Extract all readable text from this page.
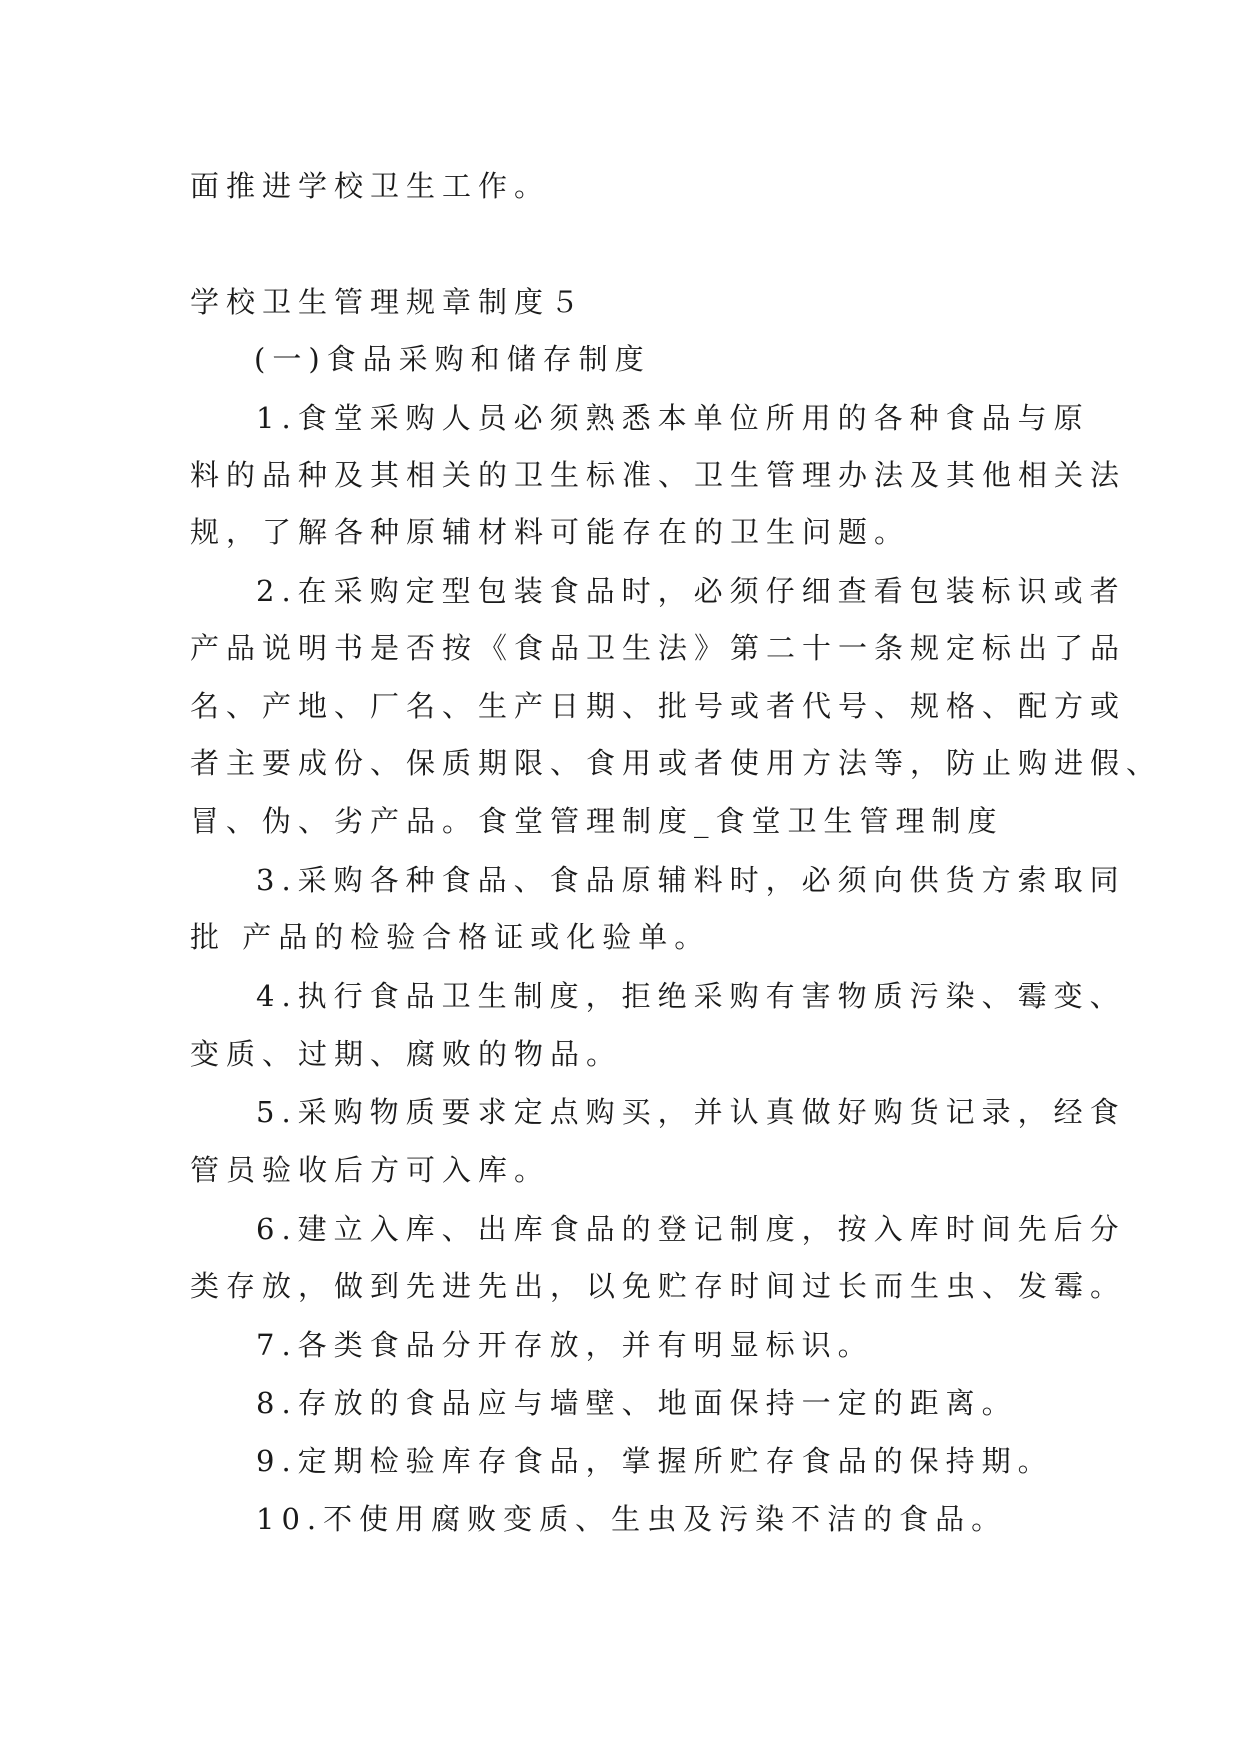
面推进学校卫生工作。
学校卫生管理规章制度５
(一)食品采购和储存制度
1.食堂采购人员必须熟悉本单位所用的各种食品与原
料的品种及其相关的卫生标准、卫生管理办法及其他相关法
规，了解各种原辅材料可能存在的卫生问题。
2.在采购定型包装食品时，必须仔细查看包装标识或者
产品说明书是否按《食品卫生法》第二十一条规定标出了品
名、产地、厂名、生产日期、批号或者代号、规格、配方或
者主要成份、保质期限、食用或者使用方法等，防止购进假、
冒、伪、劣产品。食堂管理制度_食堂卫生管理制度
3.采购各种食品、食品原辅料时，必须向供货方索取同
批 产品的检验合格证或化验单。
4.执行食品卫生制度，拒绝采购有害物质污染、霉变、
变质、过期、腐败的物品。
5.采购物质要求定点购买，并认真做好购货记录，经食
管员验收后方可入库。
6.建立入库、出库食品的登记制度，按入库时间先后分
类存放，做到先进先出，以免贮存时间过长而生虫、发霉。
7.各类食品分开存放，并有明显标识。
8.存放的食品应与墙壁、地面保持一定的距离。
9.定期检验库存食品，掌握所贮存食品的保持期。
10.不使用腐败变质、生虫及污染不洁的食品。
